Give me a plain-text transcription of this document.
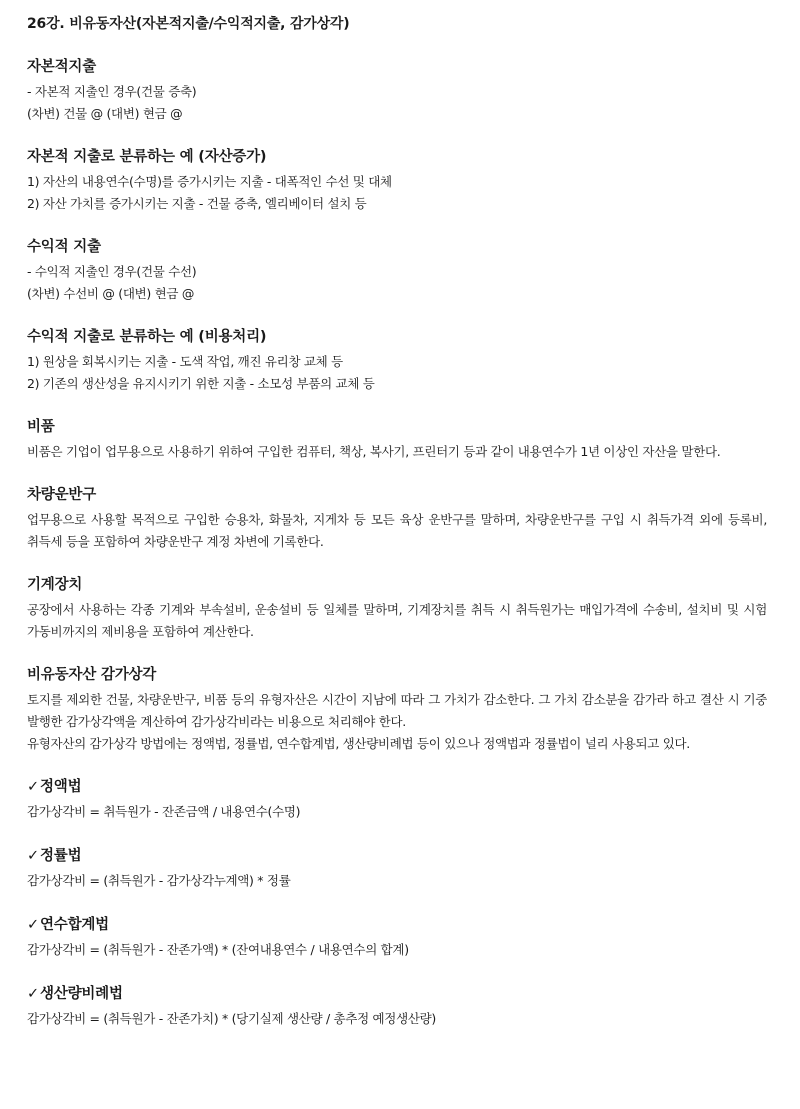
26강. 비유동자산(자본적지출/수익적지출, 감가상각)
자본적지출

- 자본적 지출인 경우(건물 증축)

(차변) 건물 @ (대변) 현금 @

자본적 지출로 분류하는 예 (자산증가)

1) 자산의 내용연수(수명)를 증가시키는 지출 - 대폭적인 수선 및 대체

2) 자산 가치를 증가시키는 지출 - 건물 증축, 엘리베이터 설치 등

수익적 지출

- 수익적 지출인 경우(건물 수선)

(차변) 수선비 @ (대변) 현금 @

수익적 지출로 분류하는 예 (비용처리)

1) 원상을 회복시키는 지출 - 도색 작업, 깨진 유리창 교체 등

2) 기존의 생산성을 유지시키기 위한 지출 - 소모성 부품의 교체 등

비품

비품은 기업이 업무용으로 사용하기 위하여 구입한 컴퓨터, 책상, 복사기, 프린터기 등과 같이 내용연수가 1년 이상인 자산을 말한다.

차량운반구

업무용으로 사용할 목적으로 구입한 승용차, 화물차, 지게차 등 모든 육상 운반구를 말하며, 차량운반구를 구입 시 취득가격 외에 등록비, 취득세 등을 포함하여 차량운반구 계정 차변에 기록한다.

기계장치

공장에서 사용하는 각종 기계와 부속설비, 운송설비 등 일체를 말하며, 기계장치를 취득 시 취득원가는 매입가격에 수송비, 설치비 및 시험 가동비까지의 제비용을 포함하여 계산한다.

비유동자산 감가상각

토지를 제외한 건물, 차량운반구, 비품 등의 유형자산은 시간이 지남에 따라 그 가치가 감소한다. 그 가치 감소분을 감가라 하고 결산 시 기중 발행한 감가상각액을 계산하여 감가상각비라는 비용으로 처리해야 한다.

유형자산의 감가상각 방법에는 정액법, 정률법, 연수합계법, 생산량비례법 등이 있으나 정액법과 정률법이 널리 사용되고 있다.

✓정액법

감가상각비 = 취득원가 - 잔존금액 / 내용연수(수명)

✓정률법

감가상각비 = (취득원가 - 감가상각누계액) * 정률

✓연수합계법

감가상각비 = (취득원가 - 잔존가액) * (잔여내용연수 / 내용연수의 합계)

✓생산량비례법

감가상각비 = (취득원가 - 잔존가치) * (당기실제 생산량 / 총추정 예정생산량)
